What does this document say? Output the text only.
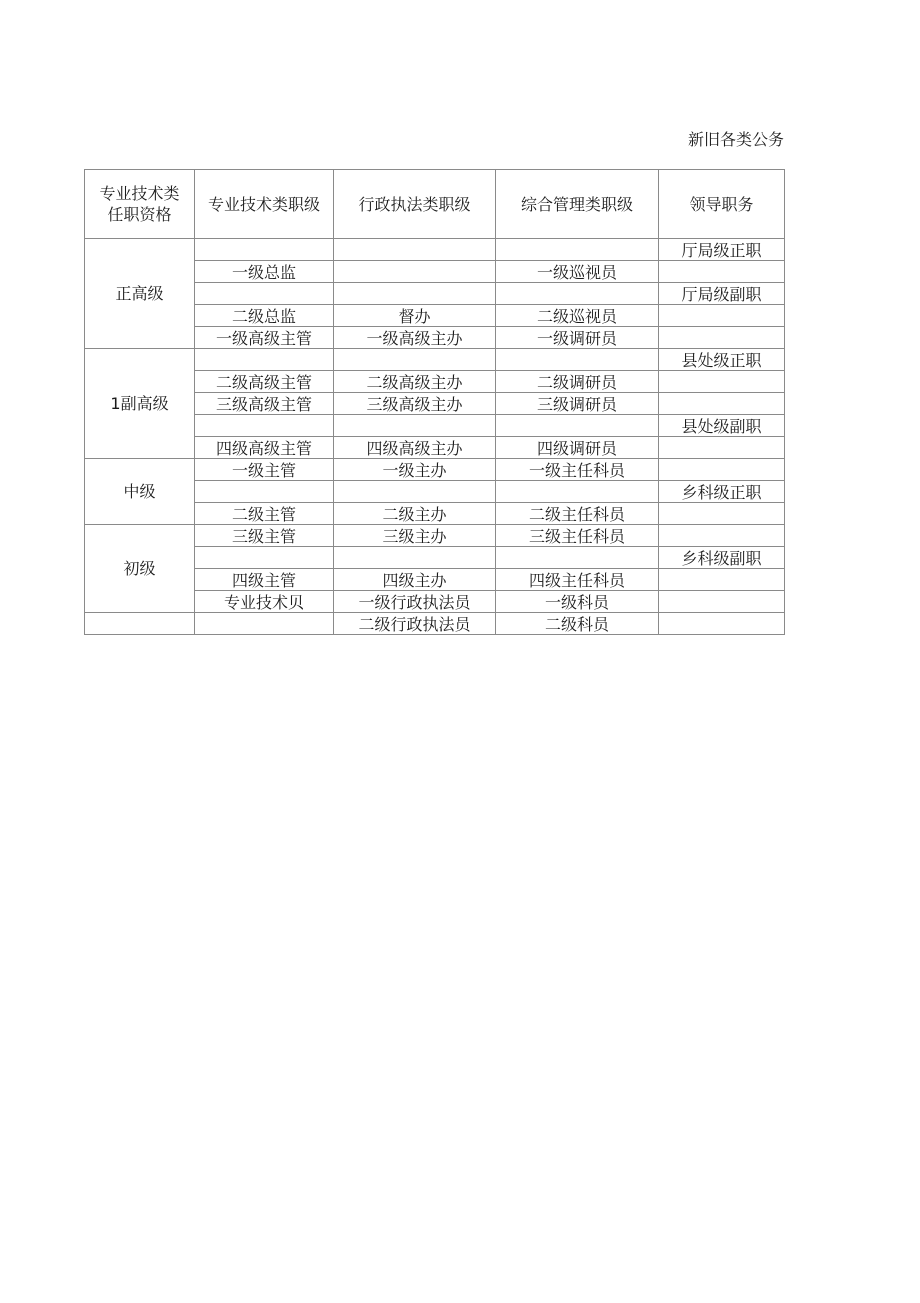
新旧各类公务
专业技术类
任职资格	专业技术类职级	行政执法类职级	综合管理类职级	领导职务
正高级				厅局级正职
	一级总监		一级巡视员	
				厅局级副职
	二级总监	督办	二级巡视员	
	一级高级主管	一级高级主办	一级调研员	
1副高级				县处级正职
	二级高级主管	二级高级主办	二级调研员	
	三级高级主管	三级高级主办	三级调研员	
				县处级副职
	四级高级主管	四级高级主办	四级调研员	
中级	一级主管	一级主办	一级主任科员	
				乡科级正职
	二级主管	二级主办	二级主任科员	
初级	三级主管	三级主办	三级主任科员	
				乡科级副职
	四级主管	四级主办	四级主任科员	
	专业技术贝	一级行政执法员	一级科员	
		二级行政执法员	二级科员	
